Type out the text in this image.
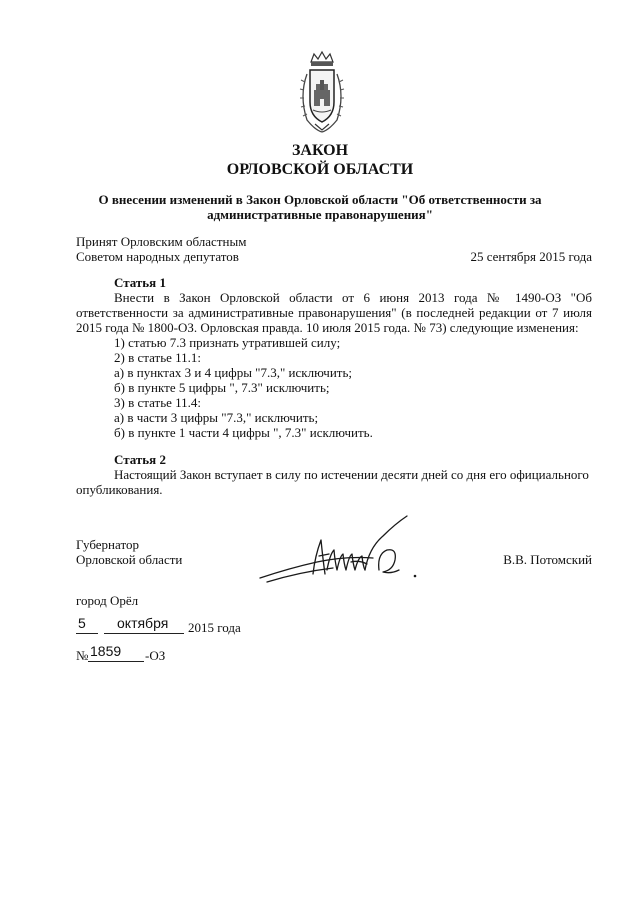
ЗАКОН
ОРЛОВСКОЙ ОБЛАСТИ
О внесении изменений в Закон Орловской области "Об ответственности за
административные правонарушения"
Принят Орловским областным
Советом народных депутатов	25 сентября 2015 года
Статья 1
Внести в Закон Орловской области от 6 июня 2013 года № 1490-ОЗ "Об
ответственности за административные правонарушения" (в последней редакции от 7 июля
2015 года № 1800-ОЗ. Орловская правда. 10 июля 2015 года. № 73) следующие изменения:
1) статью 7.3 признать утратившей силу;
2) в статье 11.1:
а) в пунктах 3 и 4 цифры "7.3," исключить;
б) в пункте 5 цифры ", 7.3" исключить;
3) в статье 11.4:
а) в части 3 цифры "7.3," исключить;
б) в пункте 1 части 4 цифры ", 7.3" исключить.
Статья 2
Настоящий Закон вступает в силу по истечении десяти дней со дня его официального
опубликования.
Губернатор
Орловской области	В.В. Потомский
город Орёл
5 октября 2015 года
№ 1859 -ОЗ
